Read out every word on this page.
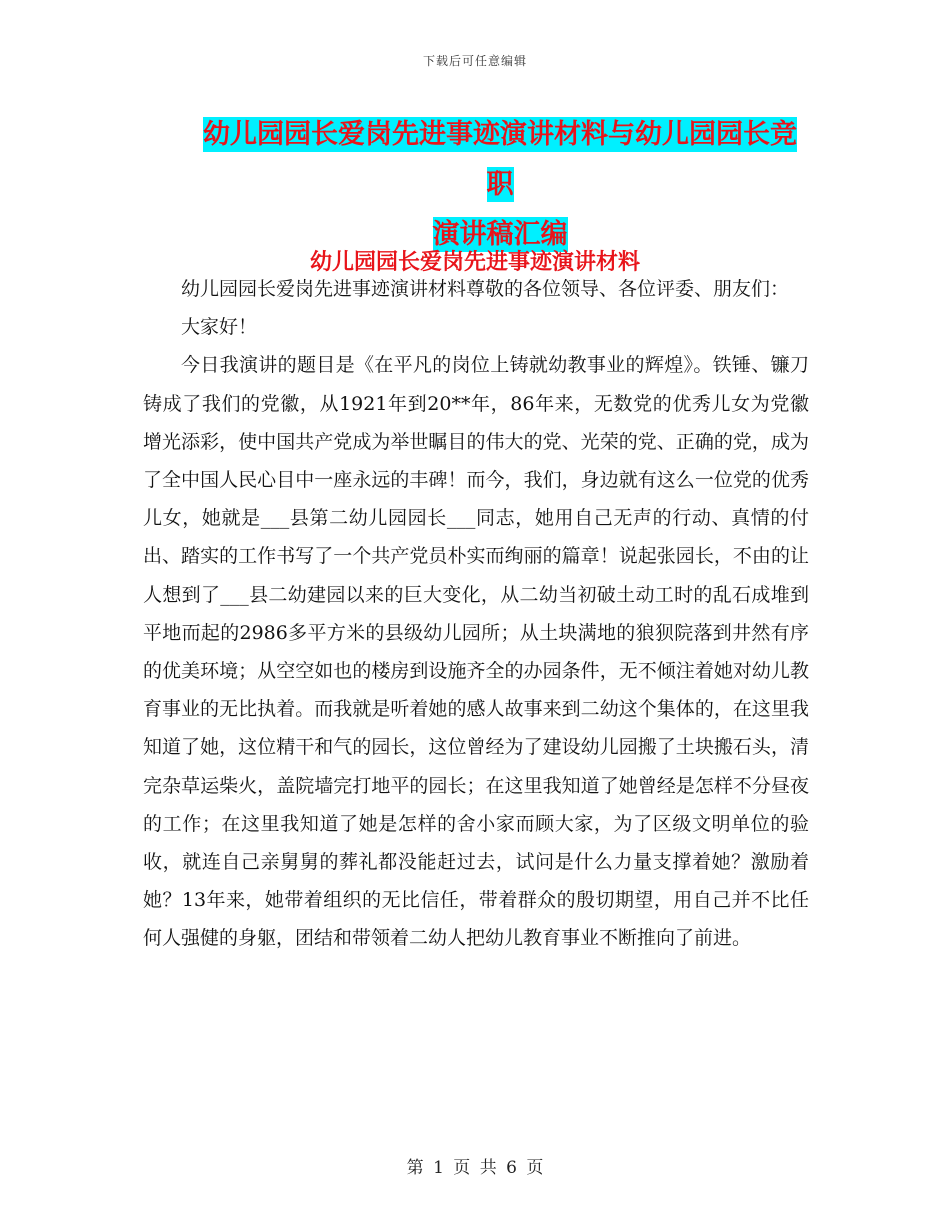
下载后可任意编辑
幼儿园园长爱岗先进事迹演讲材料与幼儿园园长竞职
演讲稿汇编
幼儿园园长爱岗先进事迹演讲材料

幼儿园园长爱岗先进事迹演讲材料尊敬的各位领导、各位评委、朋友们：

大家好！

今日我演讲的题目是《在平凡的岗位上铸就幼教事业的辉煌》。铁锤、镰刀铸成了我们的党徽，从1921年到20**年，86年来，无数党的优秀儿女为党徽增光添彩，使中国共产党成为举世瞩目的伟大的党、光荣的党、正确的党，成为了全中国人民心目中一座永远的丰碑！而今，我们，身边就有这么一位党的优秀儿女，她就是___县第二幼儿园园长___同志，她用自己无声的行动、真情的付出、踏实的工作书写了一个共产党员朴实而绚丽的篇章！说起张园长，不由的让人想到了___县二幼建园以来的巨大变化，从二幼当初破土动工时的乱石成堆到平地而起的2986多平方米的县级幼儿园所；从土块满地的狼狈院落到井然有序的优美环境；从空空如也的楼房到设施齐全的办园条件，无不倾注着她对幼儿教育事业的无比执着。而我就是听着她的感人故事来到二幼这个集体的，在这里我知道了她，这位精干和气的园长，这位曾经为了建设幼儿园搬了土块搬石头，清完杂草运柴火，盖院墙完打地平的园长；在这里我知道了她曾经是怎样不分昼夜的工作；在这里我知道了她是怎样的舍小家而顾大家，为了区级文明单位的验收，就连自己亲舅舅的葬礼都没能赶过去，试问是什么力量支撑着她？激励着她？13年来，她带着组织的无比信任，带着群众的殷切期望，用自己并不比任何人强健的身躯，团结和带领着二幼人把幼儿教育事业不断推向了前进。

第 1 页 共 6 页
